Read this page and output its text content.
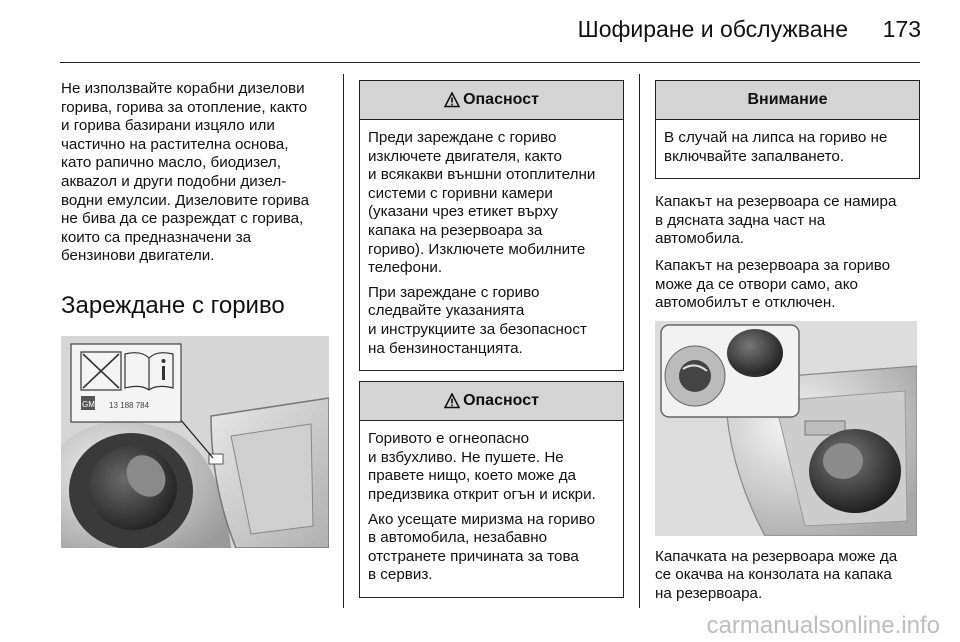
Шофиране и обслужване 173

Не използвайте корабни дизелови
горива, горива за отопление, както
и горива базирани изцяло или
частично на растителна основа,
като рапично масло, биодизел,
акваzол и други подобни дизел-
водни емулсии. Дизеловите горива
не бива да се разреждат с горива,
които са предназначени за
бензинови двигатели.

Зареждане с гориво
GM 13 188 784
Опасност

Преди зареждане с гориво
изключете двигателя, както
и всякакви външни отоплителни
системи с горивни камери
(указани чрез етикет върху
капака на резервоара за
гориво). Изключете мобилните
телефони.

При зареждане с гориво
следвайте указанията
и инструкциите за безопасност
на бензиностанцията.

Опасност

Горивото е огнеопасно
и взбухливо. Не пушете. Не
правете нищо, което може да
предизвика открит огън и искри.

Ако усещате миризма на гориво
в автомобила, незабавно
отстранете причината за това
в сервиз.

Внимание

В случай на липса на гориво не
включвайте запалването.

Капакът на резервоара се намира
в дясната задна част на
автомобила.

Капакът на резервоара за гориво
може да се отвори само, ако
автомобилът е отключен.

Капачката на резервоара може да
се окачва на конзолата на капака
на резервоара.

carmanualsonline.info
